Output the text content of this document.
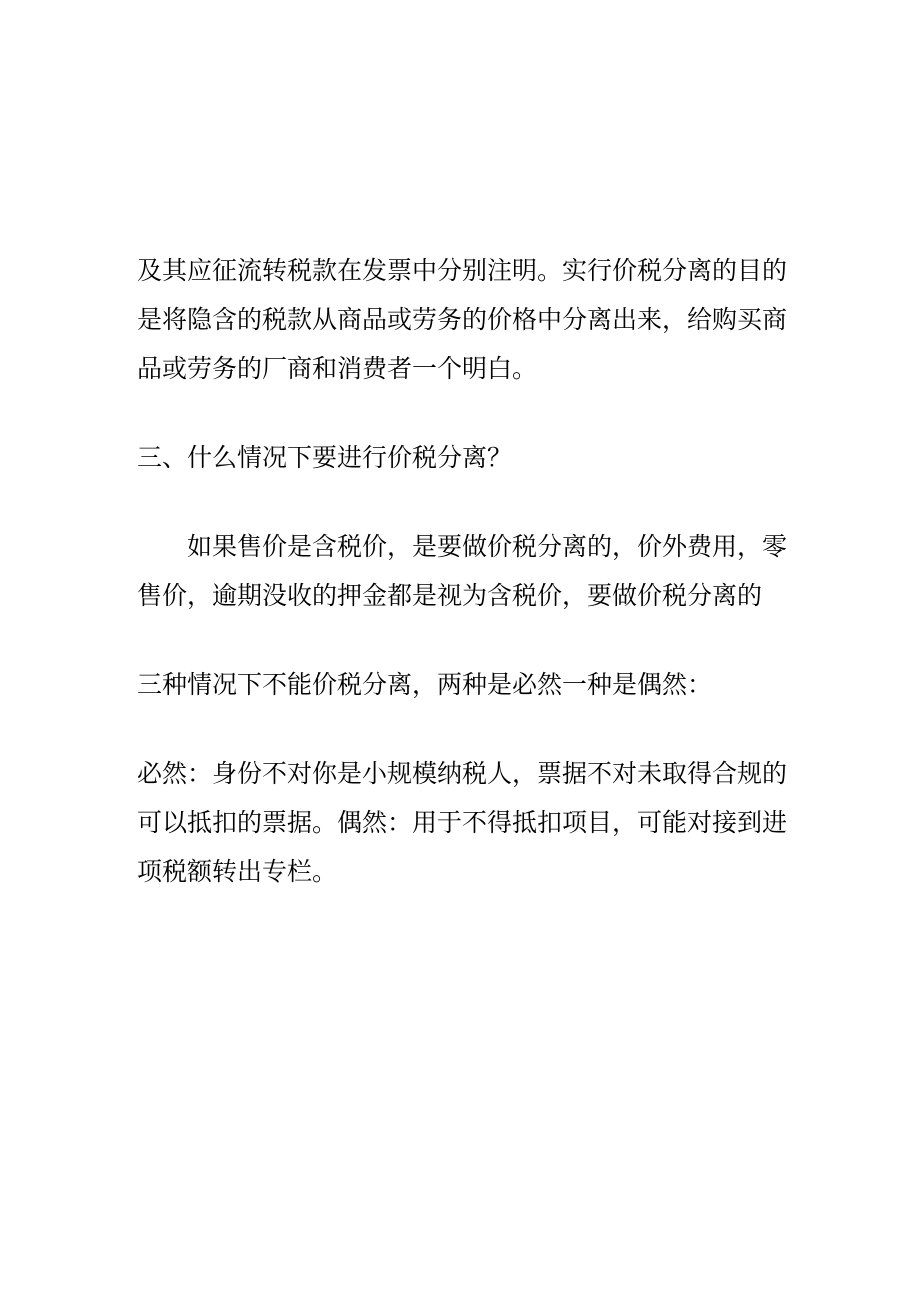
及其应征流转税款在发票中分别注明。实行价税分离的目的
是将隐含的税款从商品或劳务的价格中分离出来，给购买商
品或劳务的厂商和消费者一个明白。

三、什么情况下要进行价税分离？

　　如果售价是含税价，是要做价税分离的，价外费用，零
售价，逾期没收的押金都是视为含税价，要做价税分离的

三种情况下不能价税分离，两种是必然一种是偶然：

必然：身份不对你是小规模纳税人，票据不对未取得合规的
可以抵扣的票据。偶然：用于不得抵扣项目，可能对接到进
项税额转出专栏。
